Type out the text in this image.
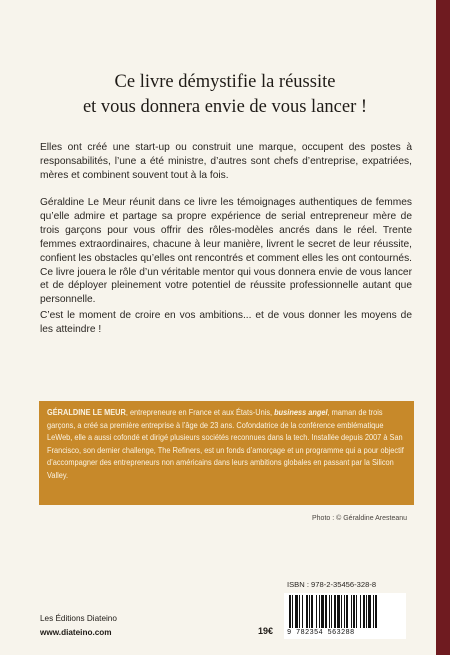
Ce livre démystifie la réussite
et vous donnera envie de vous lancer !

Elles ont créé une start-up ou construit une marque, occupent des postes à responsabilités, l’une a été ministre, d’autres sont chefs d’entreprise, expatriées, mères et combinent souvent tout à la fois.

Géraldine Le Meur réunit dans ce livre les témoignages authentiques de femmes qu’elle admire et partage sa propre expérience de serial entrepreneur mère de trois garçons pour vous offrir des rôles-modèles ancrés dans le réel. Trente femmes extraordinaires, chacune à leur manière, livrent le secret de leur réussite, confient les obstacles qu’elles ont rencontrés et comment elles les ont contournés. Ce livre jouera le rôle d’un véritable mentor qui vous donnera envie de vous lancer et de déployer pleinement votre potentiel de réussite professionnelle autant que personnelle.

C’est le moment de croire en vos ambitions... et de vous donner les moyens de les atteindre !

GÉRALDINE LE MEUR, entrepreneure en France et aux États-Unis, business angel, maman de trois garçons, a créé sa première entreprise à l’âge de 23 ans. Cofondatrice de la conférence emblématique LeWeb, elle a aussi cofondé et dirigé plusieurs sociétés reconnues dans la tech. Installée depuis 2007 à San Francisco, son dernier challenge, The Refiners, est un fonds d’amorçage et un programme qui a pour objectif d’accompagner des entrepreneurs non américains dans leurs ambitions globales en passant par la Silicon Valley.
Photo : © Géraldine Aresteanu
Les Éditions Diateino
www.diateino.com
ISBN : 978-2-35456-328-8
19€ 9 782354 563288
